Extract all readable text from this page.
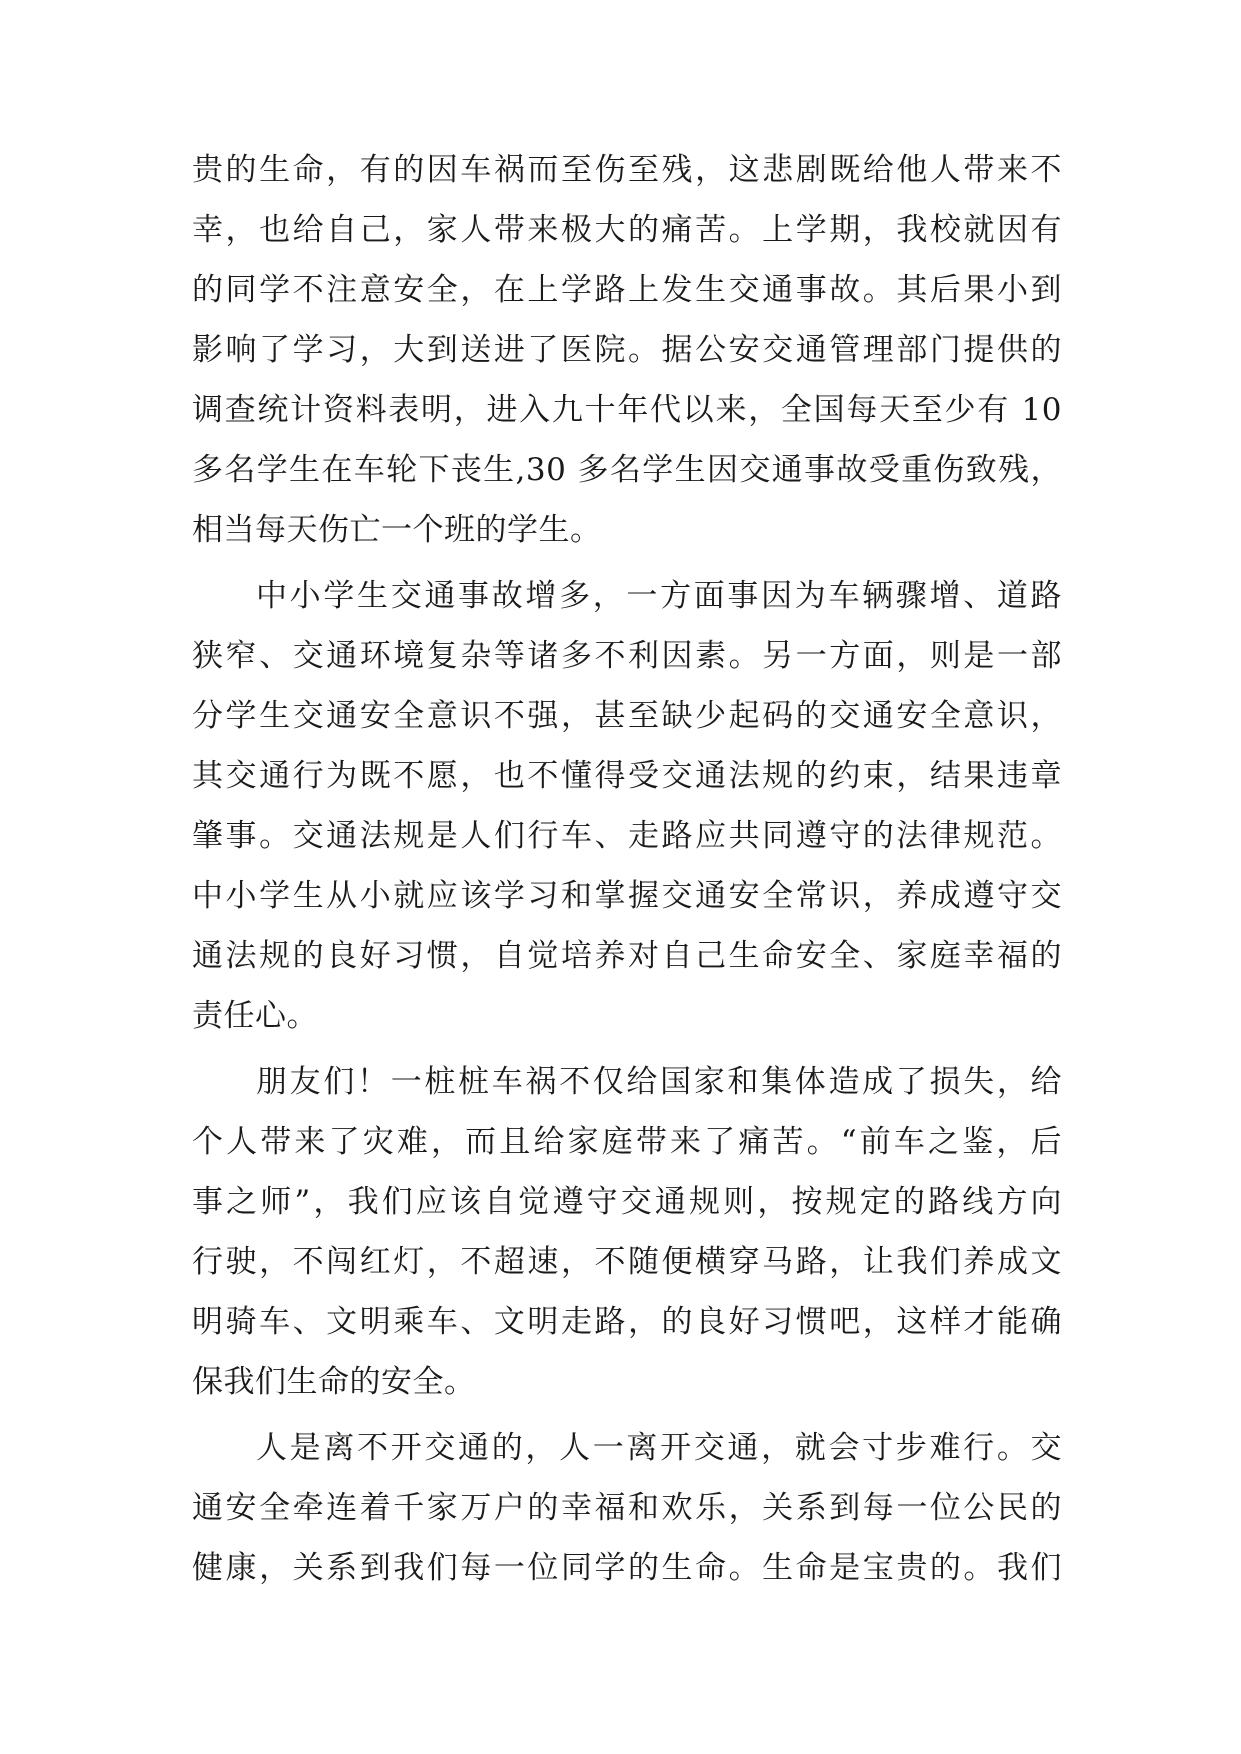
贵的生命，有的因车祸而至伤至残，这悲剧既给他人带来不
幸，也给自己，家人带来极大的痛苦。上学期，我校就因有
的同学不注意安全，在上学路上发生交通事故。其后果小到
影响了学习，大到送进了医院。据公安交通管理部门提供的
调查统计资料表明，进入九十年代以来，全国每天至少有 10
多名学生在车轮下丧生,30 多名学生因交通事故受重伤致残，
相当每天伤亡一个班的学生。
中小学生交通事故增多，一方面事因为车辆骤增、道路
狭窄、交通环境复杂等诸多不利因素。另一方面，则是一部
分学生交通安全意识不强，甚至缺少起码的交通安全意识，
其交通行为既不愿，也不懂得受交通法规的约束，结果违章
肇事。交通法规是人们行车、走路应共同遵守的法律规范。
中小学生从小就应该学习和掌握交通安全常识，养成遵守交
通法规的良好习惯，自觉培养对自己生命安全、家庭幸福的
责任心。
朋友们！一桩桩车祸不仅给国家和集体造成了损失，给
个人带来了灾难，而且给家庭带来了痛苦。“前车之鉴，后
事之师”，我们应该自觉遵守交通规则，按规定的路线方向
行驶，不闯红灯，不超速，不随便横穿马路，让我们养成文
明骑车、文明乘车、文明走路，的良好习惯吧，这样才能确
保我们生命的安全。
人是离不开交通的，人一离开交通，就会寸步难行。交
通安全牵连着千家万户的幸福和欢乐，关系到每一位公民的
健康，关系到我们每一位同学的生命。生命是宝贵的。我们
